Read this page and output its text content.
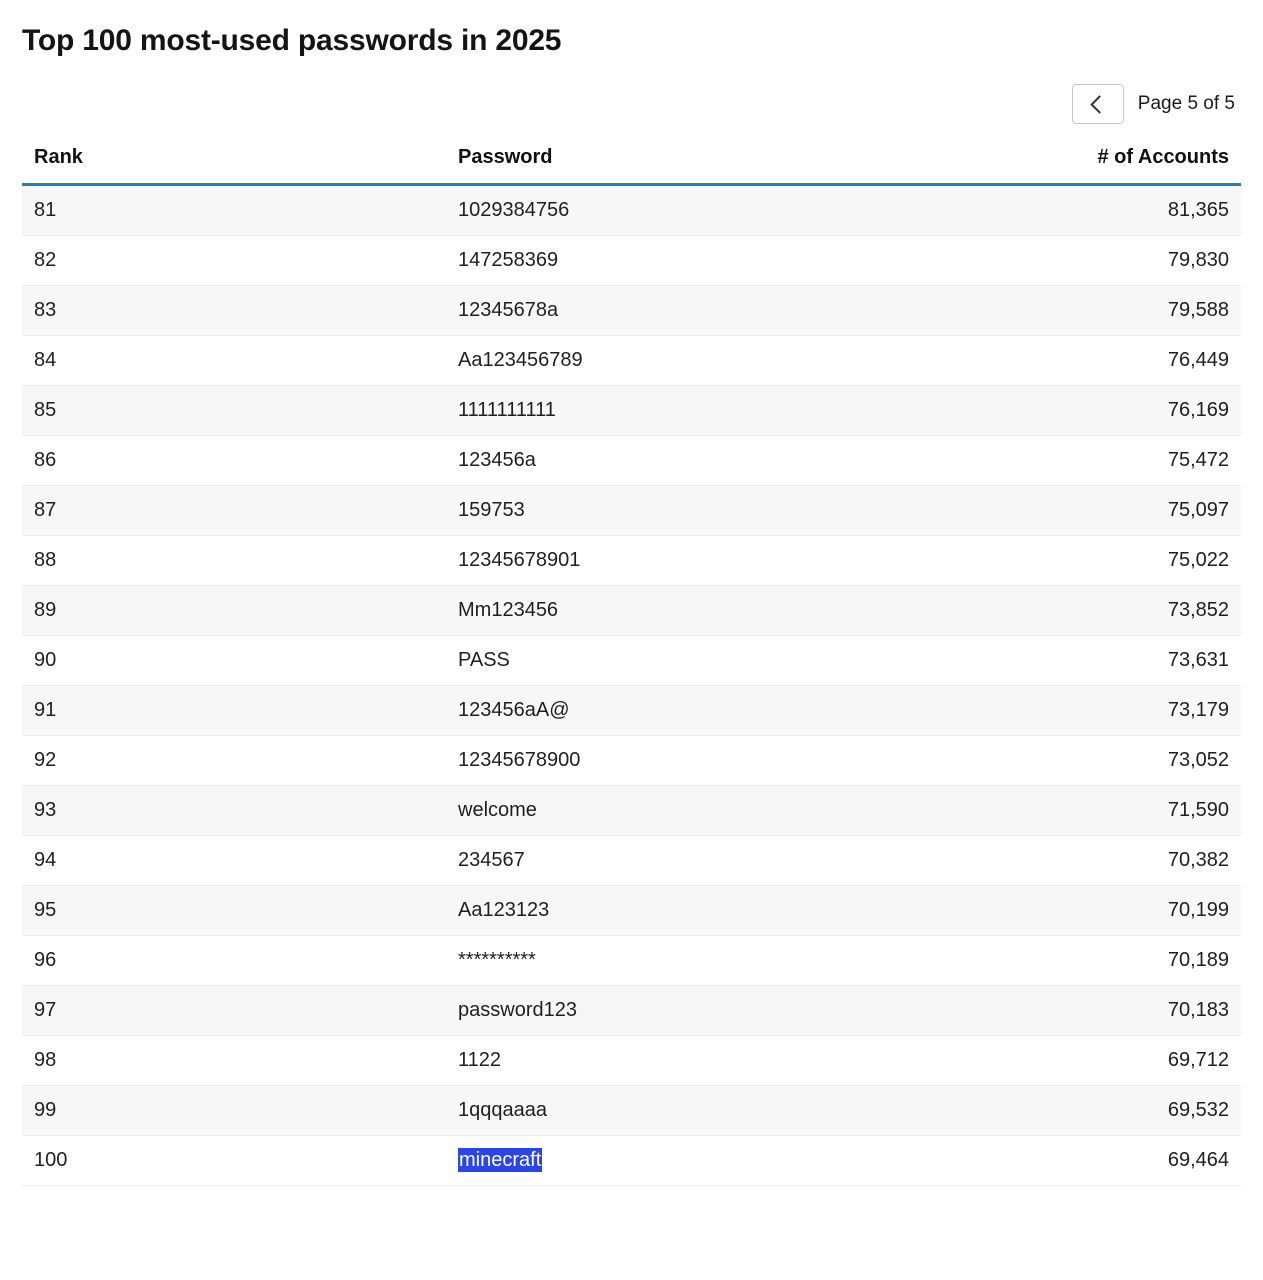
Top 100 most-used passwords in 2025
Page 5 of 5
Rank	Password	# of Accounts
81	1029384756	81,365
82	147258369	79,830
83	12345678a	79,588
84	Aa123456789	76,449
85	1111111111	76,169
86	123456a	75,472
87	159753	75,097
88	12345678901	75,022
89	Mm123456	73,852
90	PASS	73,631
91	123456aA@	73,179
92	12345678900	73,052
93	welcome	71,590
94	234567	70,382
95	Aa123123	70,199
96	**********	70,189
97	password123	70,183
98	1122	69,712
99	1qqqaaaa	69,532
100	minecraft	69,464
